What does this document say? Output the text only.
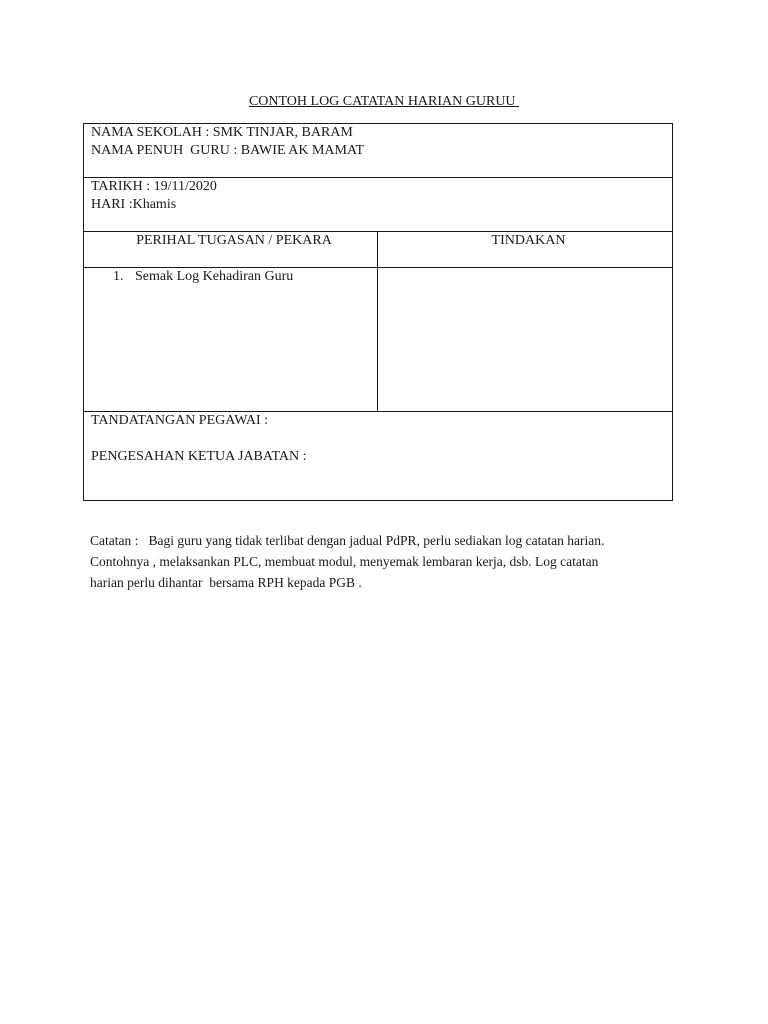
CONTOH LOG CATATAN HARIAN GURUU
NAMA SEKOLAH : SMK TINJAR, BARAM
NAMA PENUH  GURU : BAWIE AK MAMAT	

TARIKH : 19/11/2020
HARI :Khamis	

PERIHAL TUGASAN / PEKARA	TINDAKAN

1. Semak Log Kehadiran Guru	

TANDATANGAN PEGAWAI :
PENGESAHAN KETUA JABATAN :	
Catatan :   Bagi guru yang tidak terlibat dengan jadual PdPR, perlu sediakan log catatan harian.
Contohnya , melaksankan PLC, membuat modul, menyemak lembaran kerja, dsb. Log catatan
harian perlu dihantar  bersama RPH kepada PGB .
